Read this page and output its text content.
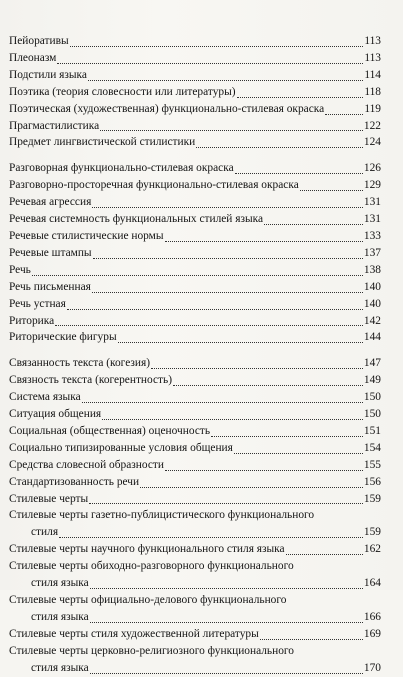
Пейоративы	113
Плеоназм	113
Подстили языка	114
Поэтика (теория словесности или литературы)	118
Поэтическая (художественная) функционально-стилевая окраска	119
Прагмастилистика	122
Предмет лингвистической стилистики	124
Разговорная функционально-стилевая окраска	126
Разговорно-просторечная функционально-стилевая окраска	129
Речевая агрессия	131
Речевая системность функциональных стилей языка	131
Речевые стилистические нормы	133
Речевые штампы	137
Речь	138
Речь письменная	140
Речь устная	140
Риторика	142
Риторические фигуры	144
Связанность текста (когезия)	147
Связность текста (когерентность)	149
Система языка	150
Ситуация общения	150
Социальная (общественная) оценочность	151
Социально типизированные условия общения	154
Средства словесной образности	155
Стандартизованность речи	156
Стилевые черты	159
Стилевые черты газетно-публицистического функционального
стиля	159
Стилевые черты научного функционального стиля языка	162
Стилевые черты обиходно-разговорного функционального
стиля языка	164
Стилевые черты официально-делового функционального
стиля языка	166
Стилевые черты стиля художественной литературы	169
Стилевые черты церковно-религиозного функционального
стиля языка	170
